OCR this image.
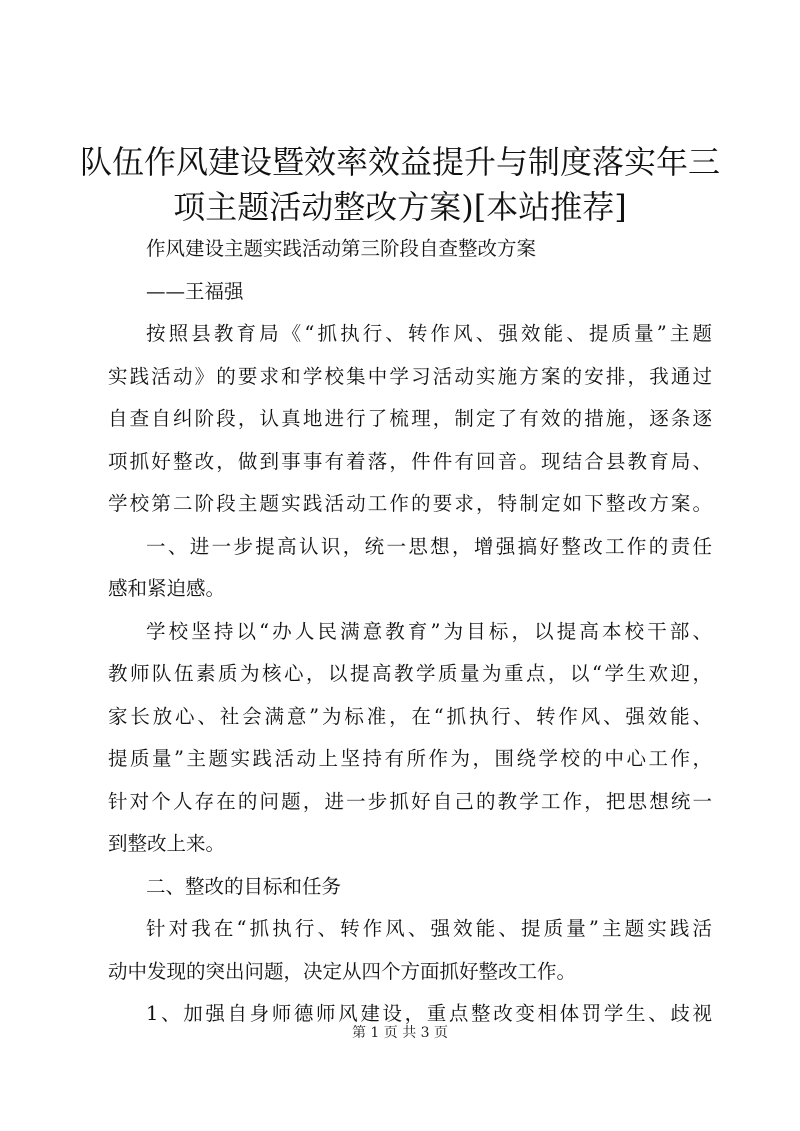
队伍作风建设暨效率效益提升与制度落实年三
项主题活动整改方案)[本站推荐]

作风建设主题实践活动第三阶段自查整改方案

——王福强

按照县教育局《“抓执行、转作风、强效能、提质量”主题

实践活动》的要求和学校集中学习活动实施方案的安排，我通过

自查自纠阶段，认真地进行了梳理，制定了有效的措施，逐条逐

项抓好整改，做到事事有着落，件件有回音。现结合县教育局、

学校第二阶段主题实践活动工作的要求，特制定如下整改方案。

一、进一步提高认识，统一思想，增强搞好整改工作的责任

感和紧迫感。

学校坚持以“办人民满意教育”为目标，以提高本校干部、

教师队伍素质为核心，以提高教学质量为重点，以“学生欢迎，

家长放心、社会满意”为标准，在“抓执行、转作风、强效能、

提质量”主题实践活动上坚持有所作为，围绕学校的中心工作，

针对个人存在的问题，进一步抓好自己的教学工作，把思想统一

到整改上来。

二、整改的目标和任务

针对我在“抓执行、转作风、强效能、提质量”主题实践活

动中发现的突出问题，决定从四个方面抓好整改工作。

1、加强自身师德师风建设，重点整改变相体罚学生、歧视

第 1 页 共 3 页
